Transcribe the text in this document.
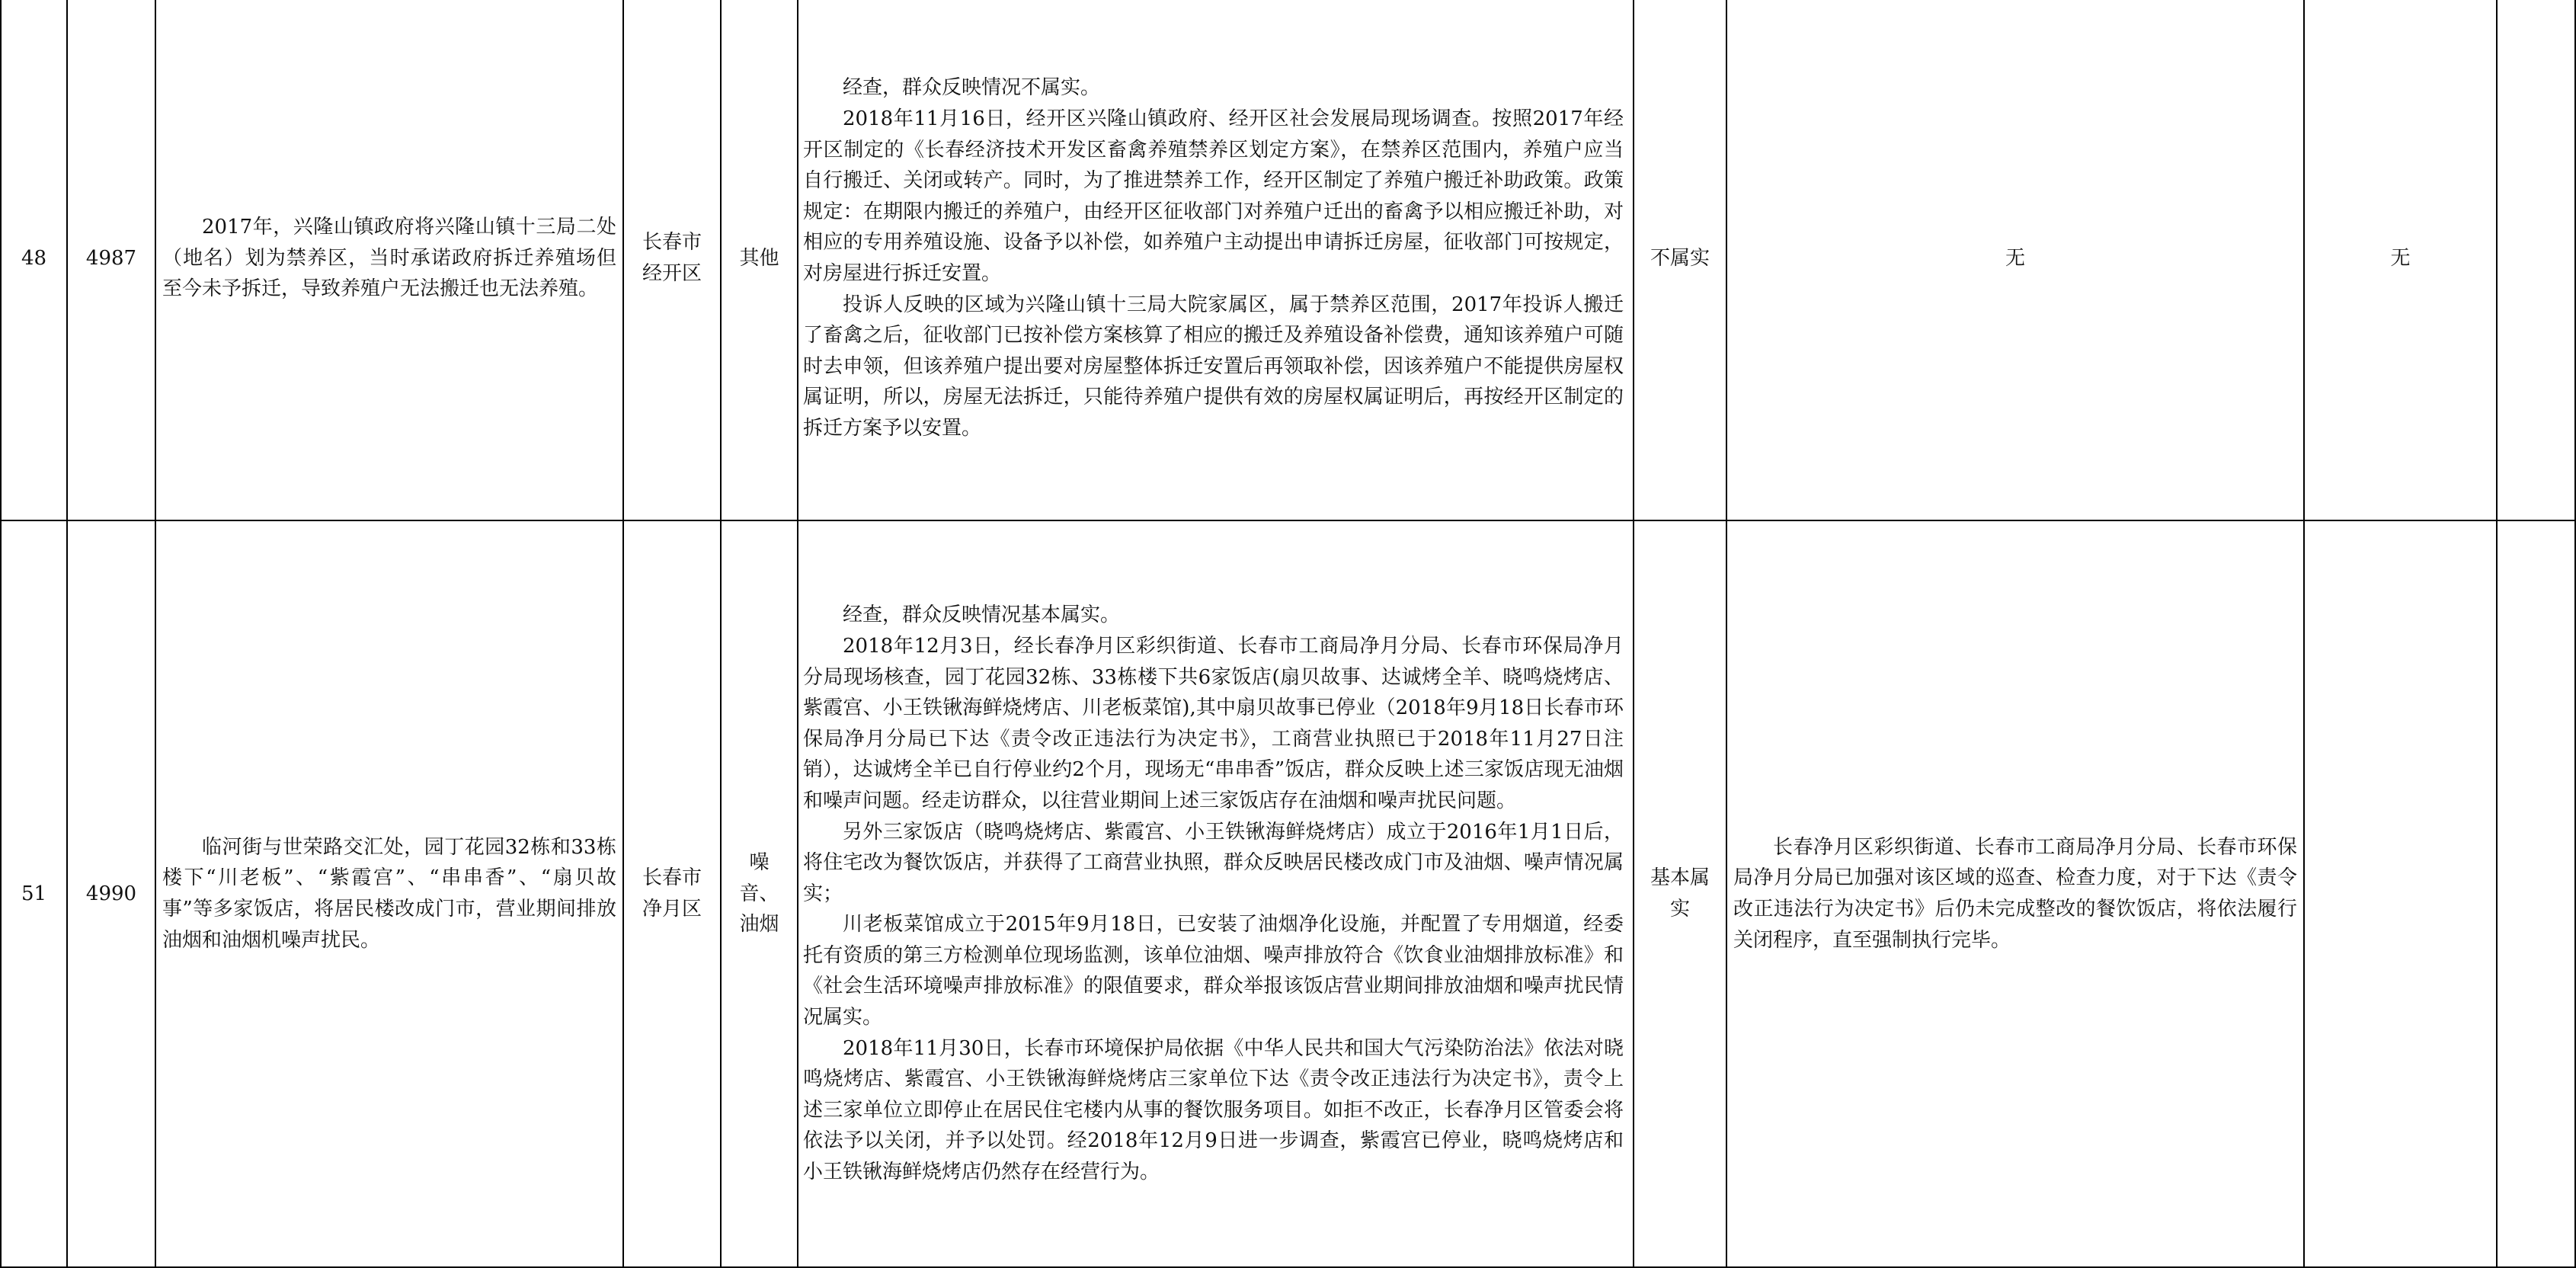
48	4987	2017年，兴隆山镇政府将兴隆山镇十三局二处（地名）划为禁养区，当时承诺政府拆迁养殖场但至今未予拆迁，导致养殖户无法搬迁也无法养殖。	长春市经开区	其他	经查，群众反映情况不属实。

2018年11月16日，经开区兴隆山镇政府、经开区社会发展局现场调查。按照2017年经开区制定的《长春经济技术开发区畜禽养殖禁养区划定方案》，在禁养区范围内，养殖户应当自行搬迁、关闭或转产。同时，为了推进禁养工作，经开区制定了养殖户搬迁补助政策。政策规定：在期限内搬迁的养殖户，由经开区征收部门对养殖户迁出的畜禽予以相应搬迁补助，对相应的专用养殖设施、设备予以补偿，如养殖户主动提出申请拆迁房屋，征收部门可按规定，对房屋进行拆迁安置。

投诉人反映的区域为兴隆山镇十三局大院家属区，属于禁养区范围，2017年投诉人搬迁了畜禽之后，征收部门已按补偿方案核算了相应的搬迁及养殖设备补偿费，通知该养殖户可随时去申领，但该养殖户提出要对房屋整体拆迁安置后再领取补偿，因该养殖户不能提供房屋权属证明，所以，房屋无法拆迁，只能待养殖户提供有效的房屋权属证明后，再按经开区制定的拆迁方案予以安置。	不属实	无	无	
51	4990	临河街与世荣路交汇处，园丁花园32栋和33栋楼下“川老板”、“紫霞宫”、“串串香”、“扇贝故事”等多家饭店，将居民楼改成门市，营业期间排放油烟和油烟机噪声扰民。	长春市净月区	噪音、油烟	经查，群众反映情况基本属实。

2018年12月3日，经长春净月区彩织街道、长春市工商局净月分局、长春市环保局净月分局现场核查，园丁花园32栋、33栋楼下共6家饭店(扇贝故事、达诚烤全羊、晓鸣烧烤店、紫霞宫、小王铁锹海鲜烧烤店、川老板菜馆),其中扇贝故事已停业（2018年9月18日长春市环保局净月分局已下达《责令改正违法行为决定书》，工商营业执照已于2018年11月27日注销），达诚烤全羊已自行停业约2个月，现场无“串串香”饭店，群众反映上述三家饭店现无油烟和噪声问题。经走访群众，以往营业期间上述三家饭店存在油烟和噪声扰民问题。

另外三家饭店（晓鸣烧烤店、紫霞宫、小王铁锹海鲜烧烤店）成立于2016年1月1日后，将住宅改为餐饮饭店，并获得了工商营业执照，群众反映居民楼改成门市及油烟、噪声情况属实；

川老板菜馆成立于2015年9月18日，已安装了油烟净化设施，并配置了专用烟道，经委托有资质的第三方检测单位现场监测，该单位油烟、噪声排放符合《饮食业油烟排放标准》和《社会生活环境噪声排放标准》的限值要求，群众举报该饭店营业期间排放油烟和噪声扰民情况属实。

2018年11月30日，长春市环境保护局依据《中华人民共和国大气污染防治法》依法对晓鸣烧烤店、紫霞宫、小王铁锹海鲜烧烤店三家单位下达《责令改正违法行为决定书》，责令上述三家单位立即停止在居民住宅楼内从事的餐饮服务项目。如拒不改正，长春净月区管委会将依法予以关闭，并予以处罚。经2018年12月9日进一步调查，紫霞宫已停业，晓鸣烧烤店和小王铁锹海鲜烧烤店仍然存在经营行为。	基本属实	长春净月区彩织街道、长春市工商局净月分局、长春市环保局净月分局已加强对该区域的巡查、检查力度，对于下达《责令改正违法行为决定书》后仍未完成整改的餐饮饭店，将依法履行关闭程序，直至强制执行完毕。		
